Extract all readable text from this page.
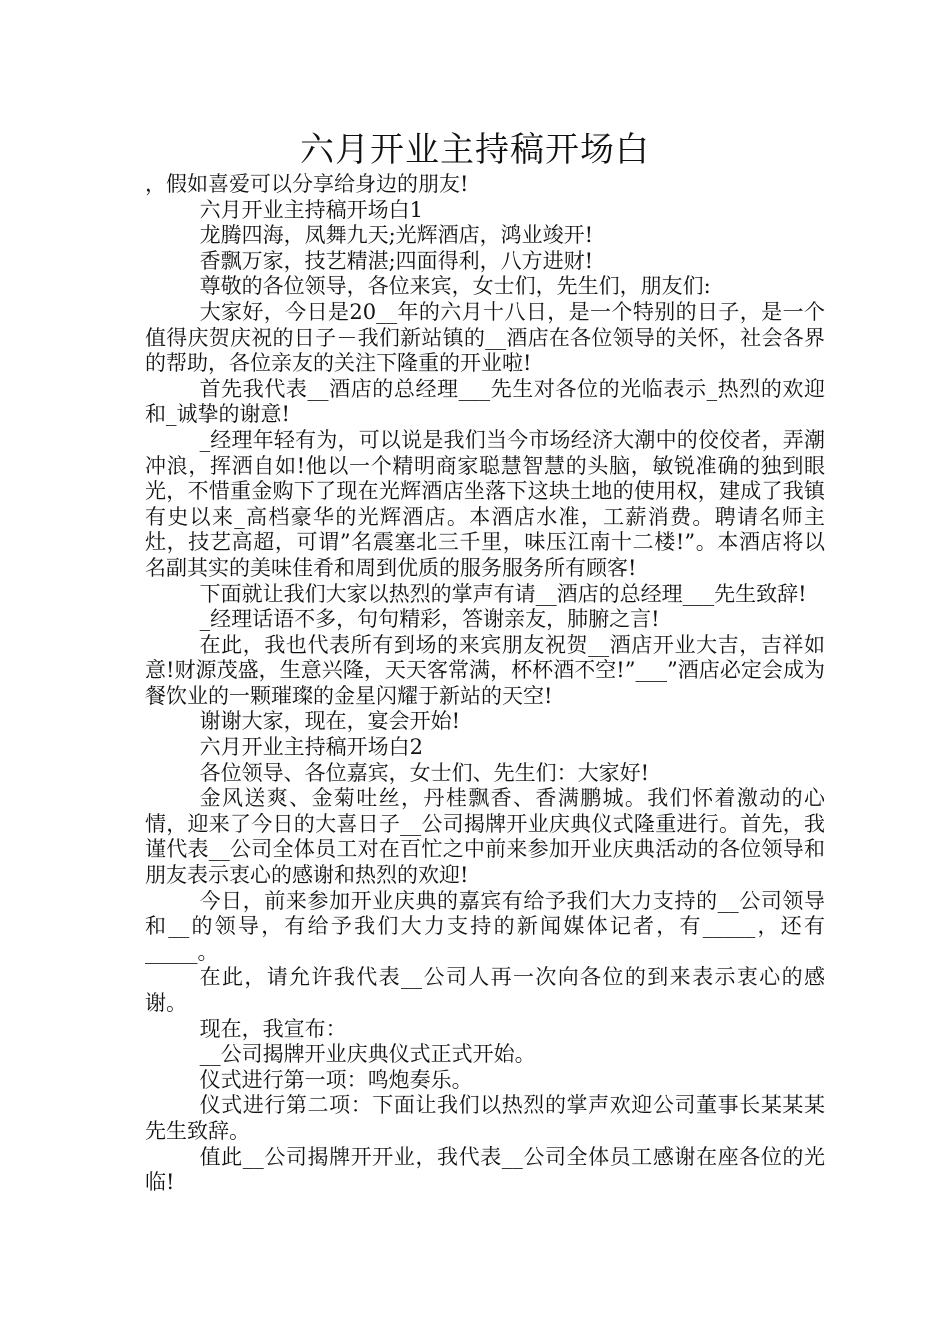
六月开业主持稿开场白

，假如喜爱可以分享给身边的朋友!

六月开业主持稿开场白1

龙腾四海，凤舞九天;光辉酒店，鸿业竣开!

香飘万家，技艺精湛;四面得利，八方进财!

尊敬的各位领导，各位来宾，女士们，先生们，朋友们:

大家好，今日是20__年的六月十八日，是一个特别的日子，是一个值得庆贺庆祝的日子－我们新站镇的__酒店在各位领导的关怀，社会各界的帮助，各位亲友的关注下隆重的开业啦!

首先我代表__酒店的总经理___先生对各位的光临表示_热烈的欢迎和_诚挚的谢意!

_经理年轻有为，可以说是我们当今市场经济大潮中的佼佼者，弄潮冲浪，挥洒自如!他以一个精明商家聪慧智慧的头脑，敏锐准确的独到眼光，不惜重金购下了现在光辉酒店坐落下这块土地的使用权，建成了我镇有史以来_高档豪华的光辉酒店。本酒店水准，工薪消费。聘请名师主灶，技艺高超，可谓”名震塞北三千里，味压江南十二楼!”。本酒店将以名副其实的美味佳肴和周到优质的服务服务所有顾客!

下面就让我们大家以热烈的掌声有请__酒店的总经理___先生致辞!

_经理话语不多，句句精彩，答谢亲友，肺腑之言!

在此，我也代表所有到场的来宾朋友祝贺__酒店开业大吉，吉祥如意!财源茂盛，生意兴隆，天天客常满，杯杯酒不空!”___”酒店必定会成为餐饮业的一颗璀璨的金星闪耀于新站的天空!

谢谢大家，现在，宴会开始!

六月开业主持稿开场白2

各位领导、各位嘉宾，女士们、先生们：大家好!

金风送爽、金菊吐丝，丹桂飘香、香满鹏城。我们怀着激动的心情，迎来了今日的大喜日子__公司揭牌开业庆典仪式隆重进行。首先，我谨代表__公司全体员工对在百忙之中前来参加开业庆典活动的各位领导和朋友表示衷心的感谢和热烈的欢迎!

今日，前来参加开业庆典的嘉宾有给予我们大力支持的__公司领导和__的领导，有给予我们大力支持的新闻媒体记者，有_____，还有_____。

在此，请允许我代表__公司人再一次向各位的到来表示衷心的感谢。

现在，我宣布：

__公司揭牌开业庆典仪式正式开始。

仪式进行第一项：鸣炮奏乐。

仪式进行第二项：下面让我们以热烈的掌声欢迎公司董事长某某某先生致辞。

值此__公司揭牌开开业，我代表__公司全体员工感谢在座各位的光临!
